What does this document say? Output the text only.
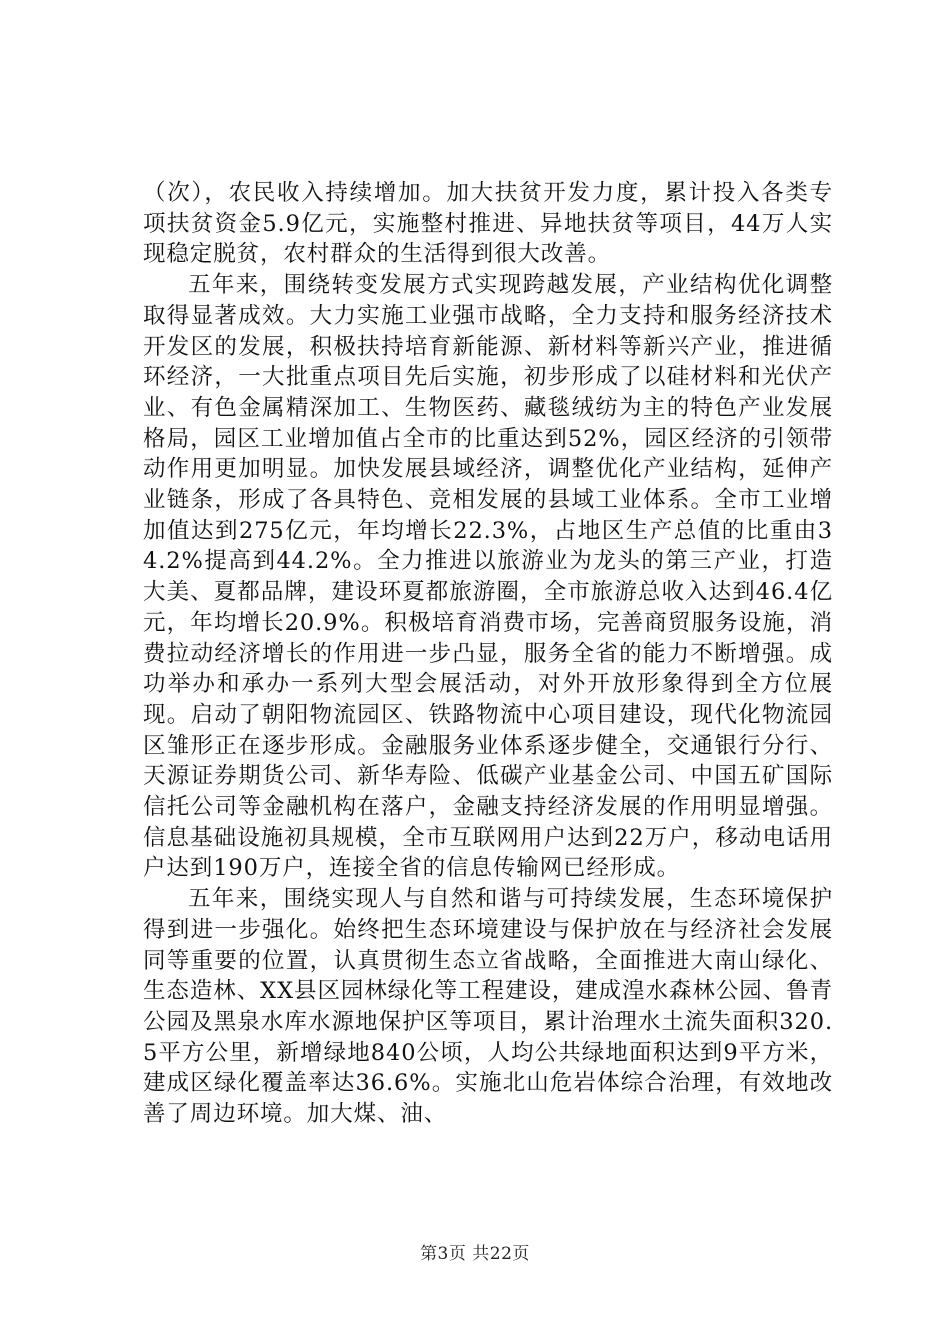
（次），农民收入持续增加。加大扶贫开发力度，累计投入各类专项扶贫资金5.9亿元，实施整村推进、异地扶贫等项目，44万人实现稳定脱贫，农村群众的生活得到很大改善。

五年来，围绕转变发展方式实现跨越发展，产业结构优化调整取得显著成效。大力实施工业强市战略，全力支持和服务经济技术开发区的发展，积极扶持培育新能源、新材料等新兴产业，推进循环经济，一大批重点项目先后实施，初步形成了以硅材料和光伏产业、有色金属精深加工、生物医药、藏毯绒纺为主的特色产业发展格局，园区工业增加值占全市的比重达到52%，园区经济的引领带动作用更加明显。加快发展县域经济，调整优化产业结构，延伸产业链条，形成了各具特色、竞相发展的县域工业体系。全市工业增加值达到275亿元，年均增长22.3%，占地区生产总值的比重由34.2%提高到44.2%。全力推进以旅游业为龙头的第三产业，打造大美、夏都品牌，建设环夏都旅游圈，全市旅游总收入达到46.4亿元，年均增长20.9%。积极培育消费市场，完善商贸服务设施，消费拉动经济增长的作用进一步凸显，服务全省的能力不断增强。成功举办和承办一系列大型会展活动，对外开放形象得到全方位展现。启动了朝阳物流园区、铁路物流中心项目建设，现代化物流园区雏形正在逐步形成。金融服务业体系逐步健全，交通银行分行、天源证券期货公司、新华寿险、低碳产业基金公司、中国五矿国际信托公司等金融机构在落户，金融支持经济发展的作用明显增强。信息基础设施初具规模，全市互联网用户达到22万户，移动电话用户达到190万户，连接全省的信息传输网已经形成。

五年来，围绕实现人与自然和谐与可持续发展，生态环境保护得到进一步强化。始终把生态环境建设与保护放在与经济社会发展同等重要的位置，认真贯彻生态立省战略，全面推进大南山绿化、生态造林、XX县区园林绿化等工程建设，建成湟水森林公园、鲁青公园及黑泉水库水源地保护区等项目，累计治理水土流失面积320.5平方公里，新增绿地840公顷，人均公共绿地面积达到9平方米，建成区绿化覆盖率达36.6%。实施北山危岩体综合治理，有效地改善了周边环境。加大煤、油、

第3页 共22页
